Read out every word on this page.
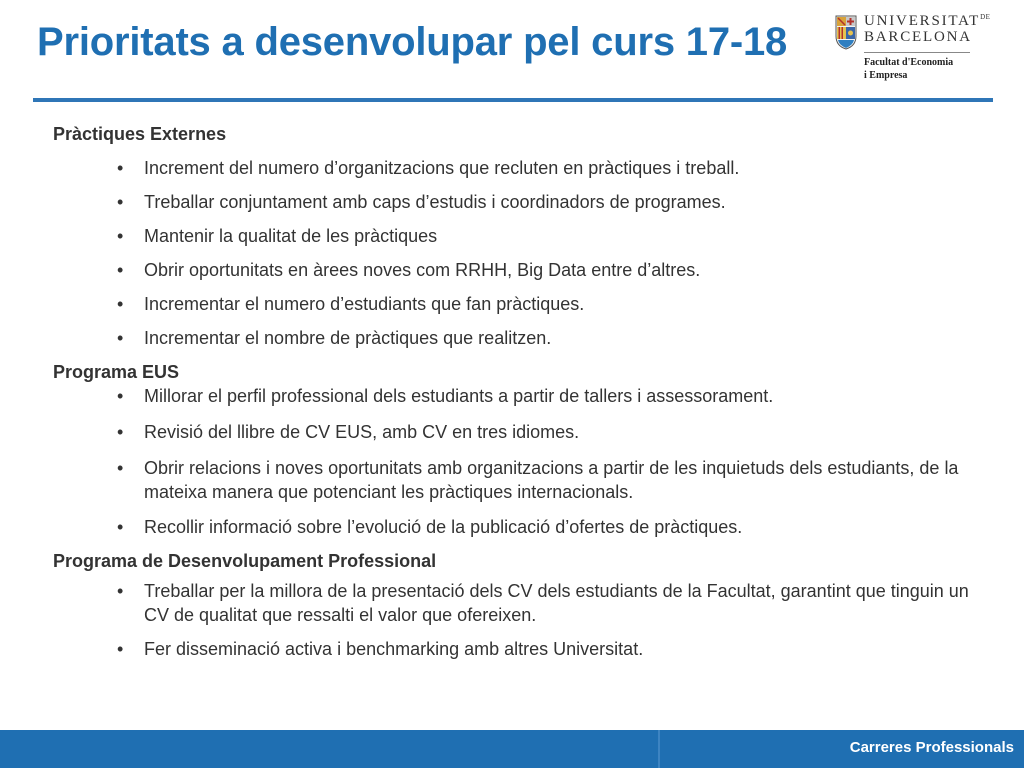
Prioritats a desenvolupar pel curs 17-18	$UNIVERSITAT^{DE}$
BARCELONA
Facultat d'Economia
i Empresa
Pràctiques Externes
• Increment del numero d’organitzacions que recluten en pràctiques i treball.
• Treballar conjuntament amb caps d’estudis i coordinadors de programes.
• Mantenir la qualitat de les pràctiques
• Obrir oportunitats en àrees noves com RRHH, Big Data entre d’altres.
• Incrementar el numero d’estudiants que fan pràctiques.
• Incrementar el nombre de pràctiques que realitzen.
Programa EUS
• Millorar el perfil professional dels estudiants a partir de tallers i assessorament.
• Revisió del llibre de CV EUS, amb CV en tres idiomes.
• Obrir relacions i noves oportunitats amb organitzacions a partir de les inquietuds dels estudiants, de la mateixa manera que potenciant les pràctiques internacionals.
• Recollir informació sobre l’evolució de la publicació d’ofertes de pràctiques.
Programa de Desenvolupament Professional
• Treballar per la millora de la presentació dels CV dels estudiants de la Facultat, garantint que tinguin un CV de qualitat que ressalti el valor que ofereixen.
• Fer disseminació activa i benchmarking amb altres Universitat.
Carreres Professionals
